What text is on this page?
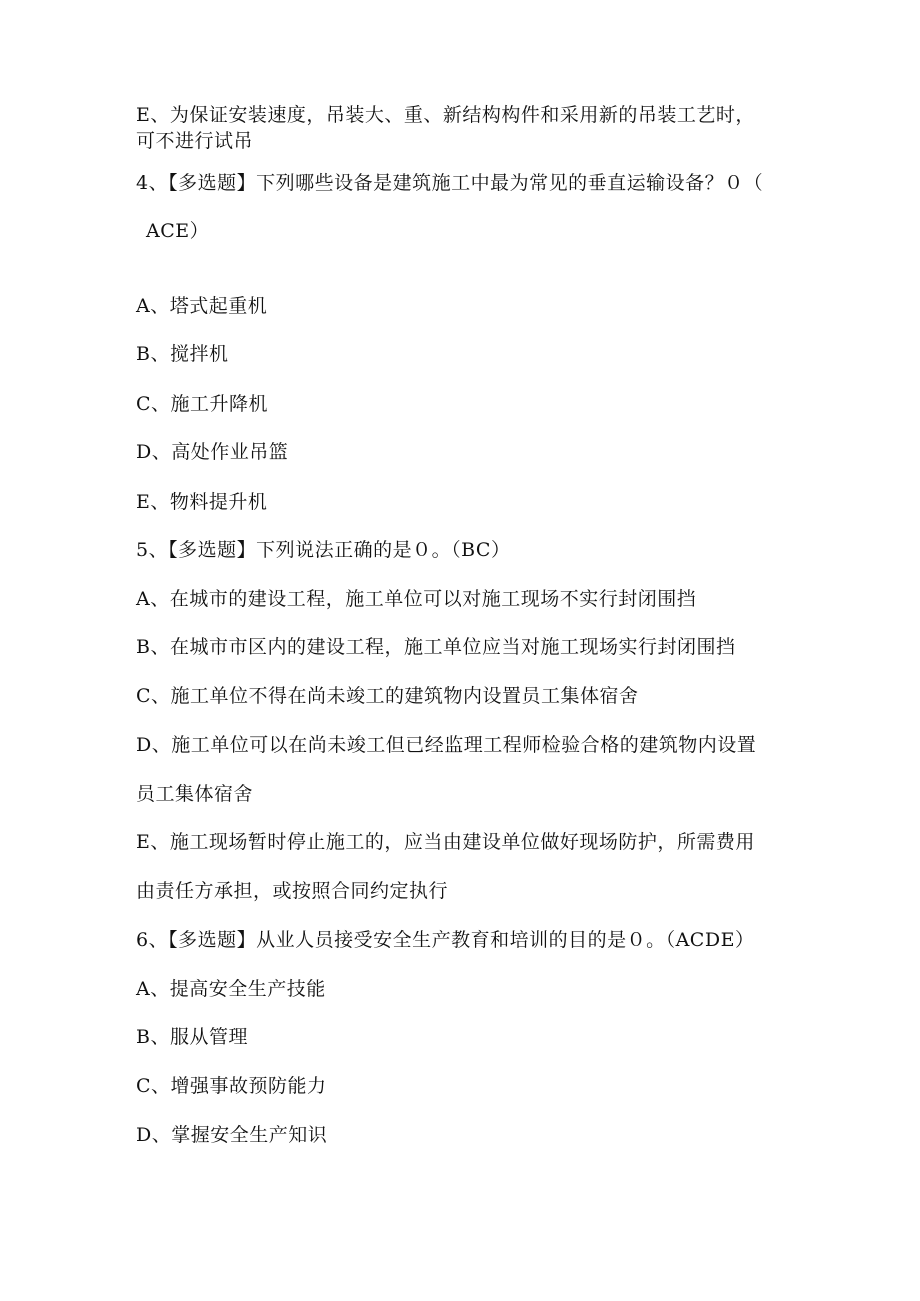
E、为保证安装速度，吊装大、重、新结构构件和采用新的吊装工艺时，
可不进行试吊
4、【多选题】下列哪些设备是建筑施工中最为常见的垂直运输设备？０（
ACE）
A、塔式起重机
B、搅拌机
C、施工升降机
D、高处作业吊篮
E、物料提升机
5、【多选题】下列说法正确的是０。（BC）
A、在城市的建设工程，施工单位可以对施工现场不实行封闭围挡
B、在城市市区内的建设工程，施工单位应当对施工现场实行封闭围挡
C、施工单位不得在尚未竣工的建筑物内设置员工集体宿舍
D、施工单位可以在尚未竣工但已经监理工程师检验合格的建筑物内设置
员工集体宿舍
E、施工现场暂时停止施工的，应当由建设单位做好现场防护，所需费用
由责任方承担，或按照合同约定执行
6、【多选题】从业人员接受安全生产教育和培训的目的是０。（ACDE）
A、提高安全生产技能
B、服从管理
C、增强事故预防能力
D、掌握安全生产知识
